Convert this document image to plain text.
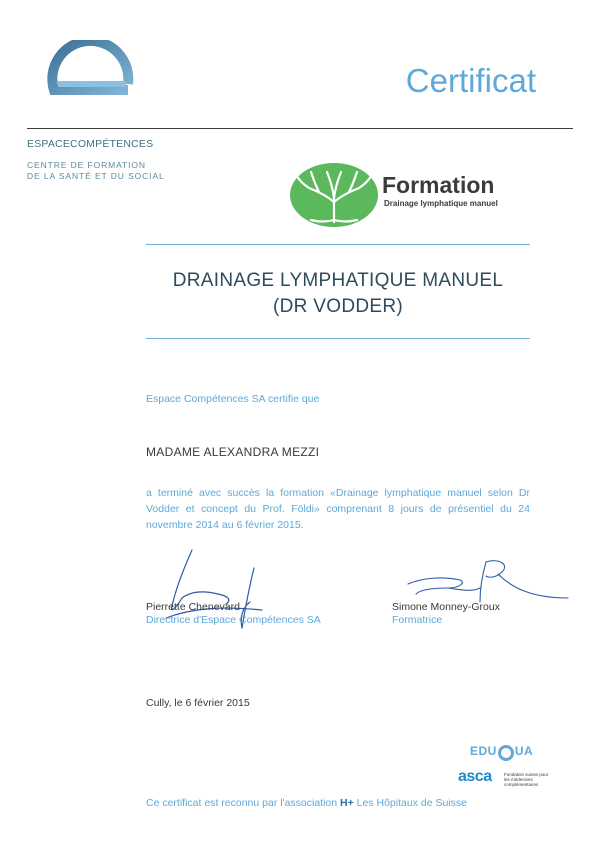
ESPACECOMPÉTENCES
CENTRE DE FORMATION
DE LA SANTÉ ET DU SOCIAL
Certificat
Formation
Drainage lymphatique manuel
DRAINAGE LYMPHATIQUE MANUEL
(DR VODDER)
Espace Compétences SA certifie que
MADAME ALEXANDRA MEZZI
a terminé avec succès la formation «Drainage lymphatique manuel selon Dr Vodder et concept du Prof. Földi» comprenant 8 jours de présentiel du 24 novembre 2014 au 6 février 2015.
Pierrette Chenevard
Directrice d'Espace Compétences SA
Simone Monney-Groux
Formatrice
Cully, le 6 février 2015
EDU UA
asca	Fondation suisse pour les médecines complémentaires
Ce certificat est reconnu par l'association H+ Les Hôpitaux de Suisse
